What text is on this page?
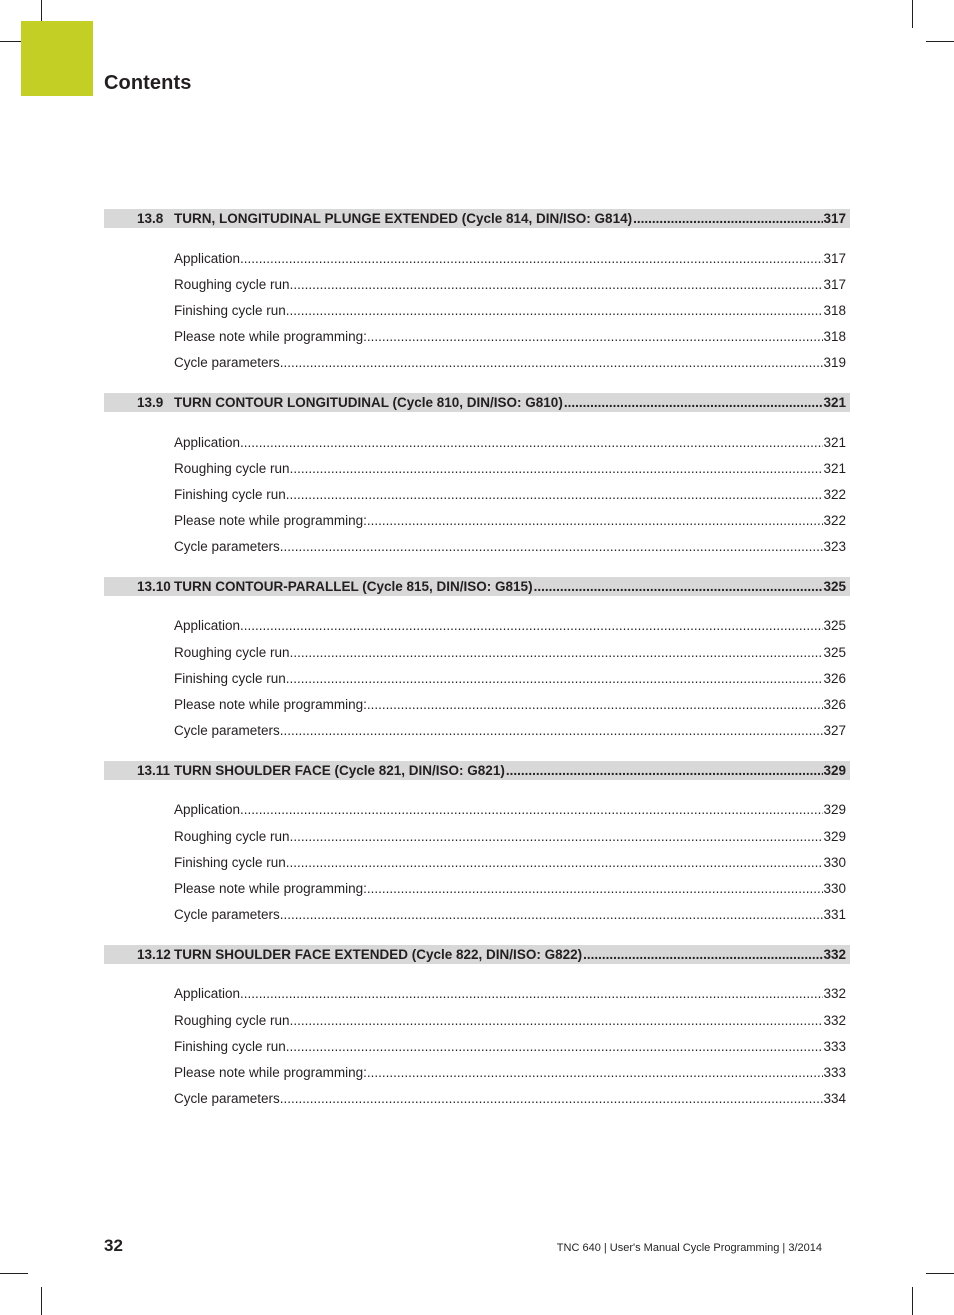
Contents
13.8 TURN, LONGITUDINAL PLUNGE EXTENDED (Cycle 814, DIN/ISO: G814) .....	317
Application .....	317
Roughing cycle run .....	317
Finishing cycle run .....	318
Please note while programming: .....	318
Cycle parameters .....	319
13.9 TURN CONTOUR LONGITUDINAL (Cycle 810, DIN/ISO: G810) .....	321
Application .....	321
Roughing cycle run .....	321
Finishing cycle run .....	322
Please note while programming: .....	322
Cycle parameters .....	323
13.10 TURN CONTOUR-PARALLEL (Cycle 815, DIN/ISO: G815) .....	325
Application .....	325
Roughing cycle run .....	325
Finishing cycle run .....	326
Please note while programming: .....	326
Cycle parameters .....	327
13.11 TURN SHOULDER FACE (Cycle 821, DIN/ISO: G821) .....	329
Application .....	329
Roughing cycle run .....	329
Finishing cycle run .....	330
Please note while programming: .....	330
Cycle parameters .....	331
13.12 TURN SHOULDER FACE EXTENDED (Cycle 822, DIN/ISO: G822) .....	332
Application .....	332
Roughing cycle run .....	332
Finishing cycle run .....	333
Please note while programming: .....	333
Cycle parameters .....	334
32	TNC 640 | User's Manual Cycle Programming | 3/2014
